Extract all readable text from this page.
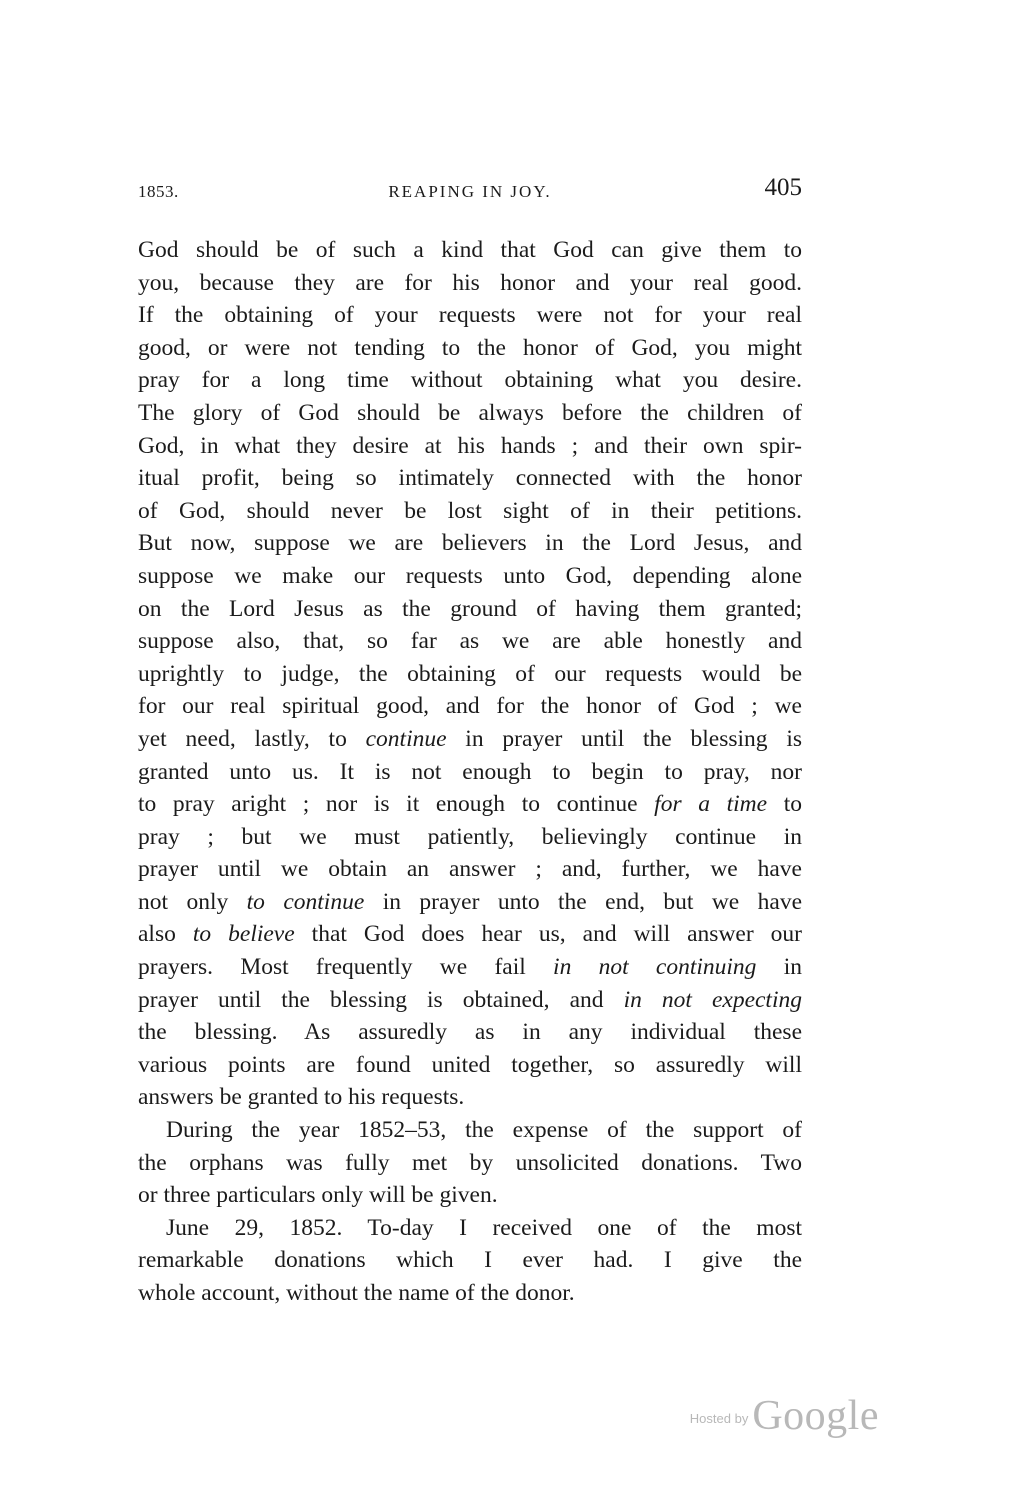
1853.	REAPING IN JOY.	405
God should be of such a kind that God can give them to
you, because they are for his honor and your real good.
If the obtaining of your requests were not for your real
good, or were not tending to the honor of God, you might
pray for a long time without obtaining what you desire.
The glory of God should be always before the children of
God, in what they desire at his hands ; and their own spir-
itual profit, being so intimately connected with the honor
of God, should never be lost sight of in their petitions.
But now, suppose we are believers in the Lord Jesus, and
suppose we make our requests unto God, depending alone
on the Lord Jesus as the ground of having them granted;
suppose also, that, so far as we are able honestly and
uprightly to judge, the obtaining of our requests would be
for our real spiritual good, and for the honor of God ; we
yet need, lastly, to continue in prayer until the blessing is
granted unto us. It is not enough to begin to pray, nor
to pray aright ; nor is it enough to continue for a time to
pray ; but we must patiently, believingly continue in
prayer until we obtain an answer ; and, further, we have
not only to continue in prayer unto the end, but we have
also to believe that God does hear us, and will answer our
prayers. Most frequently we fail in not continuing in
prayer until the blessing is obtained, and in not expecting
the blessing. As assuredly as in any individual these
various points are found united together, so assuredly will
answers be granted to his requests.
During the year 1852–53, the expense of the support of
the orphans was fully met by unsolicited donations. Two
or three particulars only will be given.
June 29, 1852. To-day I received one of the most
remarkable donations which I ever had. I give the
whole account, without the name of the donor.
$^{Hosted by}$Google
